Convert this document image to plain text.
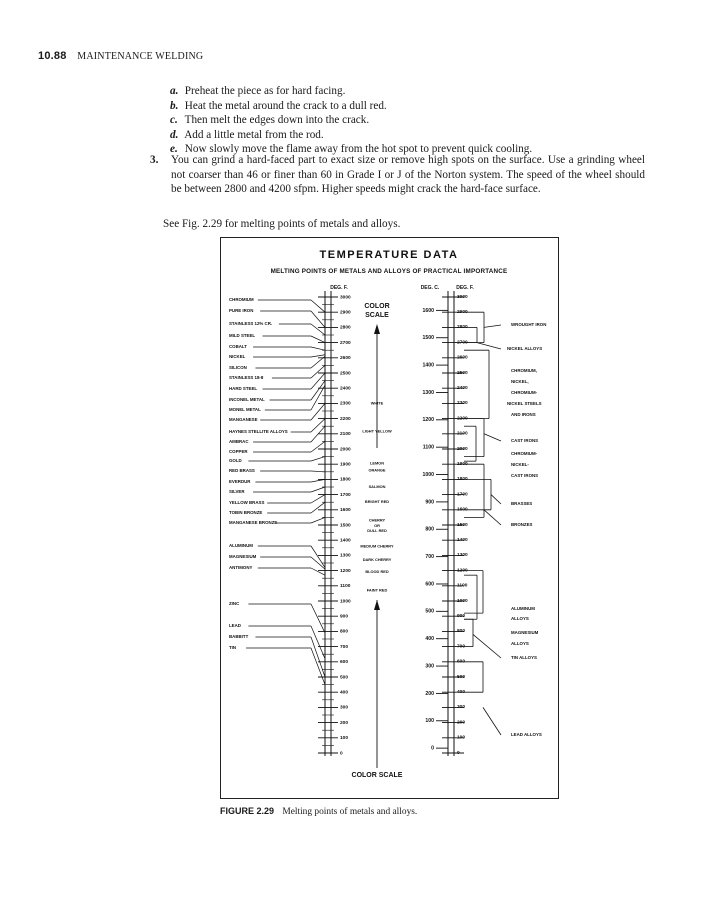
10.88 MAINTENANCE WELDING
a. Preheat the piece as for hard facing.
b. Heat the metal around the crack to a dull red.
c. Then melt the edges down into the crack.
d. Add a little metal from the rod.
e. Now slowly move the flame away from the hot spot to prevent quick cooling.
3. You can grind a hard-faced part to exact size or remove high spots on the surface. Use a grinding wheel not coarser than 46 or finer than 60 in Grade I or J of the Norton system. The speed of the wheel should be between 2800 and 4200 sfpm. Higher speeds might crack the hard-face surface.
See Fig. 2.29 for melting points of metals and alloys.
TEMPERATURE DATA
MELTING POINTS OF METALS AND ALLOYS OF PRACTICAL IMPORTANCE
DEG. F.	DEG. C.	DEG. F.
COLOR
SCALE
COLOR SCALE
3000
2900
2800
2700
2600
2500
2400
2300
2200
2100
2000
1900
1800
1700
1600
1500
1400
1300
1200
1100
1000
900
800
700
600
500
400
300
200
100
0
3000
2900
2800
2700
2600
2500
2400
2300
2200
2100
2000
1900
1800
1700
1600
1500
1400
1300
1200
1100
1000
900
800
700
600
500
400
300
200
100
0
1600
1500
1400
1300
1200
1100
1000
900
800
700
600
500
400
300
200
100
0
WHITE
LIGHT YELLOW
LEMON
ORANGE
SALMON
BRIGHT RED
CHERRY
OR
DULL RED
MEDIUM CHERRY
DARK CHERRY
BLOOD RED
FAINT RED
CHROMIUM
PURE IRON
STAINLESS 12% CR.
MILD STEEL
COBALT
NICKEL
SILICON
STAINLESS 18-8
HARD STEEL
INCONEL METAL
MONEL METAL
MANGANESE
HAYNES STELLITE ALLOYS
AMBRAC
COPPER
GOLD
RED BRASS
EVERDUR
SILVER
YELLOW BRASS
TOBIN BRONZE
MANGANESE BRONZE
ALUMINUM
MAGNESIUM
ANTIMONY
ZINC
LEAD
BABBITT
TIN
WROUGHT IRON
NICKEL ALLOYS
CHROMIUM,
NICKEL,
CHROMIUM-
NICKEL STEELS
AND IRONS
CAST IRONS
CHROMIUM-
NICKEL-
CAST IRONS
BRASSES
BRONZES
ALUMINUM
ALLOYS
MAGNESIUM
ALLOYS
TIN ALLOYS
LEAD ALLOYS
FIGURE 2.29 Melting points of metals and alloys.
